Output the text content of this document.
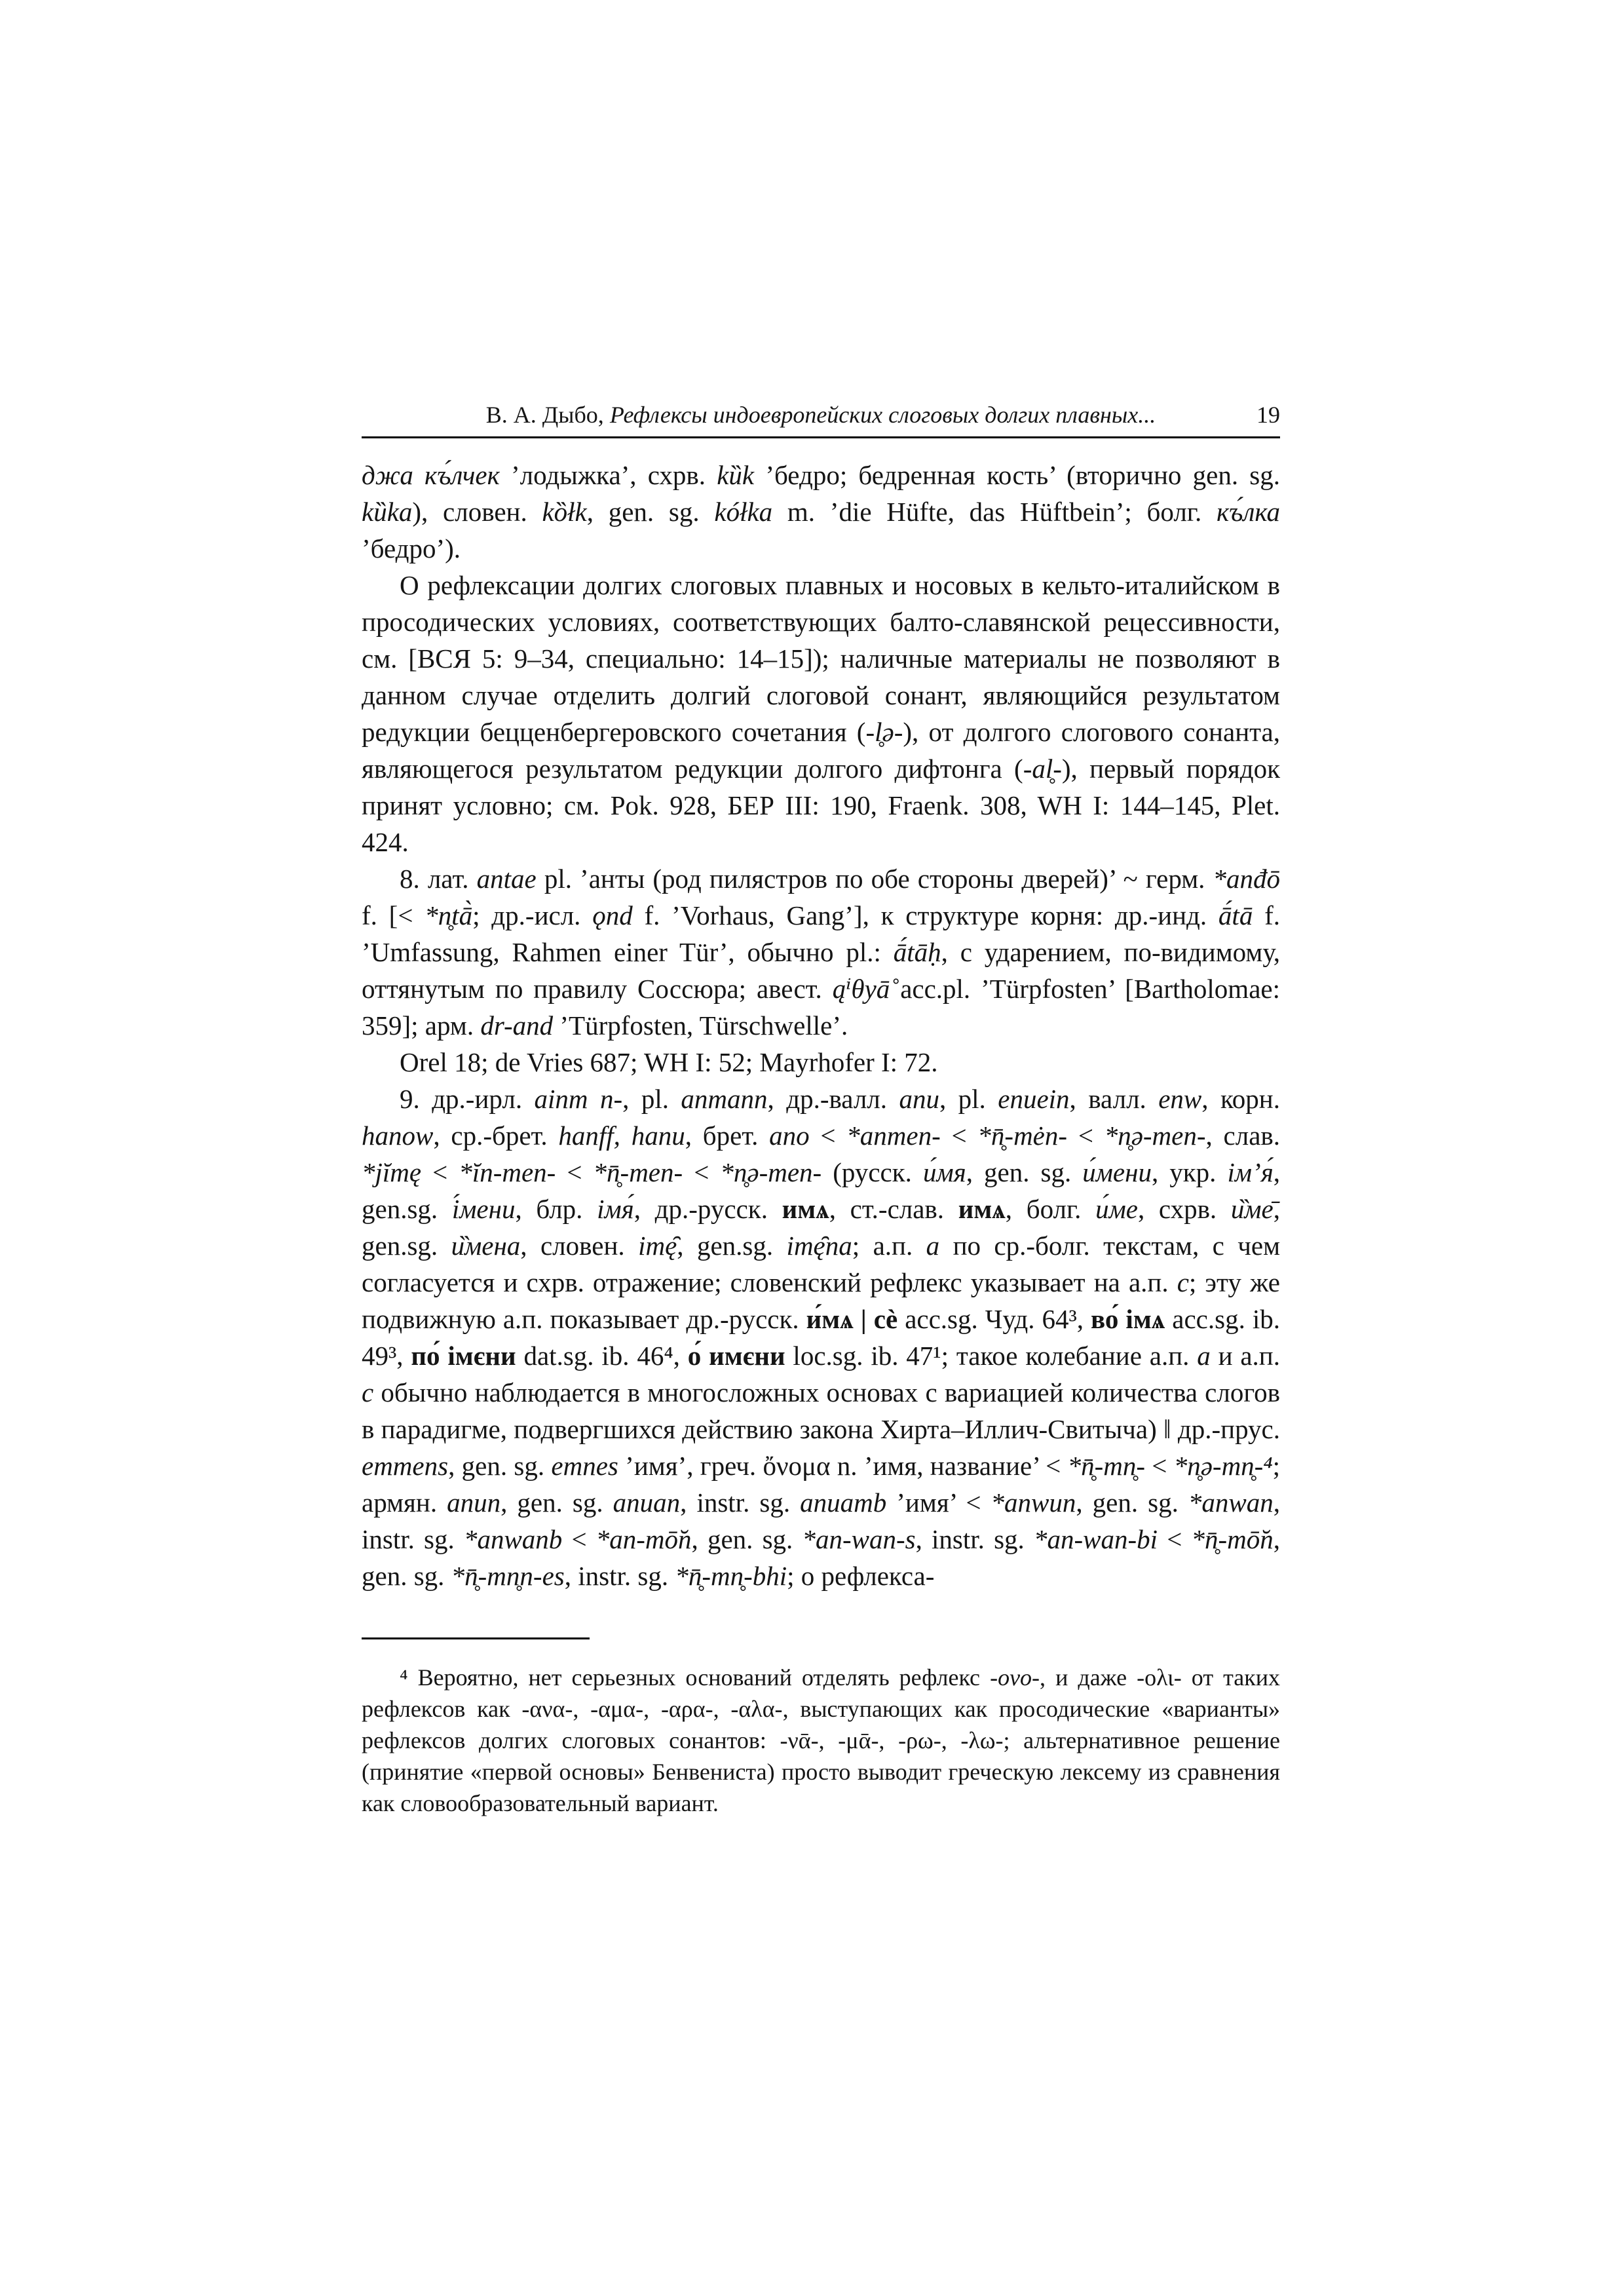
В. А. Дыбо, Рефлексы индоевропейских слоговых долгих плавных...	19

джа къ́лчек ’лодыжка’, схрв. kȕk ’бедро; бедренная кость’ (вторично gen. sg. kȕka), словен. kȍłk, gen. sg. kółka m. ’die Hüfte, das Hüftbein’; болг. къ́лка ’бедро’).

О рефлексации долгих слоговых плавных и носовых в кельто-италийском в просодических условиях, соответствующих балто-славянской рецессивности, см. [ВСЯ 5: 9–34, специально: 14–15]); наличные материалы не позволяют в данном случае отделить долгий слоговой сонант, являющийся результатом редукции бецценбергеровского сочетания (-l̥ə-), от долгого слогового сонанта, являющегося результатом редукции долгого дифтонга (-al̥-), первый порядок принят условно; см. Pok. 928, БЕР III: 190, Fraenk. 308, WH I: 144–145, Plet. 424.

8. лат. antae pl. ’анты (род пилястров по обе стороны дверей)’ ~ герм. *anđō f. [< *n̥tā̀; др.-исл. ǫnd f. ’Vorhaus, Gang’], к структуре корня: др.-инд. ā́tā f. ’Umfassung, Rahmen einer Tür’, обычно pl.: ā́tāḥ, с ударением, по-видимому, оттянутым по правилу Соссюра; авест. ąⁱθyā̊ acc.pl. ’Türpfosten’ [Bartholomae: 359]; арм. dr-and ’Türpfosten, Türschwelle’.

Orel 18; de Vries 687; WH I: 52; Mayrhofer I: 72.

9. др.-ирл. ainm n-, pl. anmann, др.-валл. anu, pl. enuein, валл. enw, корн. hanow, ср.-брет. hanff, hanu, брет. ano < *anmen- < *n̥̄-mėn- < *n̥ə-men-, слав. *jĭmę < *ĭn-men- < *n̥̄-men- < *n̥ə-men- (русск. и́мя, gen. sg. и́мени, укр. ім’я́, gen.sg. і́мени, блр. імя́, др.-русск. имѧ, ст.-слав. имѧ, болг. и́ме, схрв. и̏ме̄, gen.sg. и̏мена, словен. imę̑, gen.sg. imę̑na; а.п. a по ср.-болг. текстам, с чем согласуется и схрв. отражение; словенский рефлекс указывает на а.п. c; эту же подвижную а.п. показывает др.-русск. и́мѧ | сѐ acc.sg. Чуд. 64³, во́ імѧ acc.sg. ib. 49³, по́ імєни dat.sg. ib. 46⁴, о́ имєни loc.sg. ib. 47¹; такое колебание а.п. a и а.п. c обычно наблюдается в многосложных основах с вариацией количества слогов в парадигме, подвергшихся действию закона Хирта–Иллич-Свитыча) ‖ др.-прус. emmens, gen. sg. emnes ’имя’, греч. ὄνομα n. ’имя, название’ < *n̥̄-mn̥- < *n̥ə-mn̥-⁴; армян. anun, gen. sg. anuan, instr. sg. anuamb ’имя’ < *anwun, gen. sg. *anwan, instr. sg. *anwanb < *an-mō̆n, gen. sg. *an-wan-s, instr. sg. *an-wan-bi < *n̥̄-mō̆n, gen. sg. *n̥̄-mn̥n-es, instr. sg. *n̥̄-mn̥-bhi; о рефлекса-

⁴ Вероятно, нет серьезных оснований отделять рефлекс -ovo-, и даже -ολι- от таких рефлексов как -ανα-, -αμα-, -αρα-, -αλα-, выступающих как просодические «варианты» рефлексов долгих слоговых сонантов: -νᾱ-, -μᾱ-, -ρω-, -λω-; альтернативное решение (принятие «первой основы» Бенвениста) просто выводит греческую лексему из сравнения как словообразовательный вариант.
